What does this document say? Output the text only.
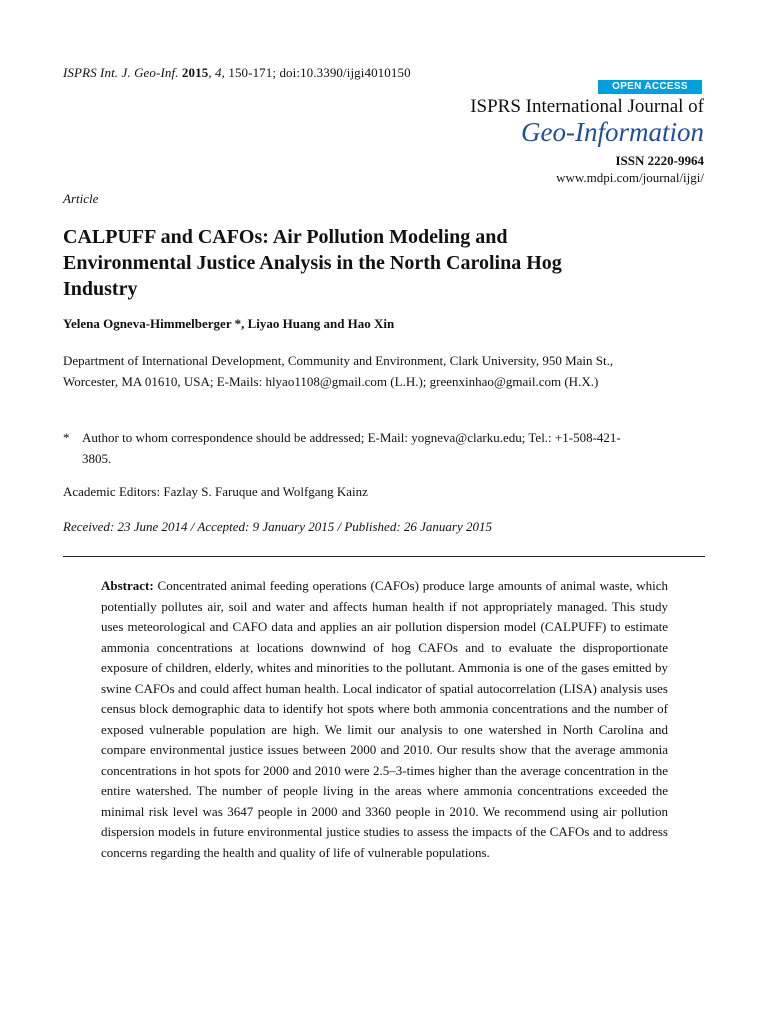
ISPRS Int. J. Geo-Inf. 2015, 4, 150-171; doi:10.3390/ijgi4010150
OPEN ACCESS
ISPRS International Journal of
Geo-Information
ISSN 2220-9964
www.mdpi.com/journal/ijgi/
Article
CALPUFF and CAFOs: Air Pollution Modeling and Environmental Justice Analysis in the North Carolina Hog Industry
Yelena Ogneva-Himmelberger *, Liyao Huang and Hao Xin
Department of International Development, Community and Environment, Clark University, 950 Main St., Worcester, MA 01610, USA; E-Mails: hlyao1108@gmail.com (L.H.); greenxinhao@gmail.com (H.X.)
* Author to whom correspondence should be addressed; E-Mail: yogneva@clarku.edu; Tel.: +1-508-421-3805.
Academic Editors: Fazlay S. Faruque and Wolfgang Kainz
Received: 23 June 2014 / Accepted: 9 January 2015 / Published: 26 January 2015

Abstract: Concentrated animal feeding operations (CAFOs) produce large amounts of animal waste, which potentially pollutes air, soil and water and affects human health if not appropriately managed. This study uses meteorological and CAFO data and applies an air pollution dispersion model (CALPUFF) to estimate ammonia concentrations at locations downwind of hog CAFOs and to evaluate the disproportionate exposure of children, elderly, whites and minorities to the pollutant. Ammonia is one of the gases emitted by swine CAFOs and could affect human health. Local indicator of spatial autocorrelation (LISA) analysis uses census block demographic data to identify hot spots where both ammonia concentrations and the number of exposed vulnerable population are high. We limit our analysis to one watershed in North Carolina and compare environmental justice issues between 2000 and 2010. Our results show that the average ammonia concentrations in hot spots for 2000 and 2010 were 2.5–3-times higher than the average concentration in the entire watershed. The number of people living in the areas where ammonia concentrations exceeded the minimal risk level was 3647 people in 2000 and 3360 people in 2010. We recommend using air pollution dispersion models in future environmental justice studies to assess the impacts of the CAFOs and to address concerns regarding the health and quality of life of vulnerable populations.
